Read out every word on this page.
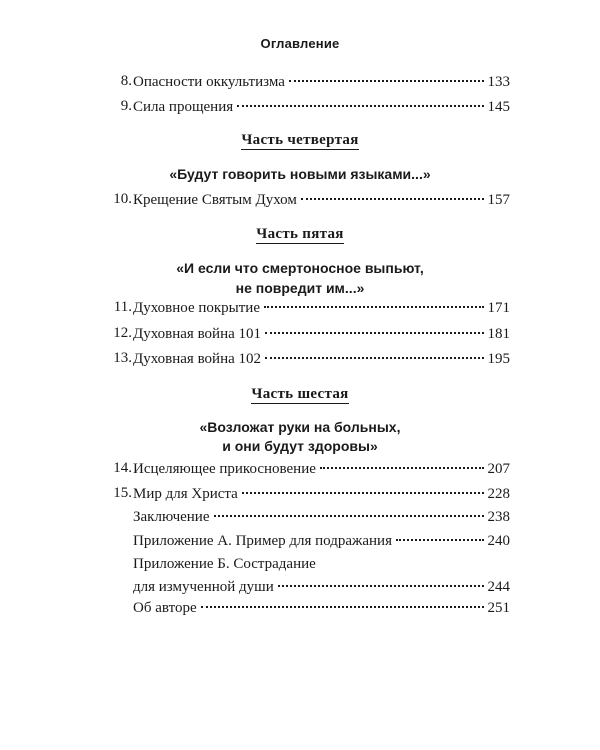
Оглавление
8. Опасности оккультизма	133
9. Сила прощения	145
Часть четвертая
«Будут говорить новыми языками...»
10. Крещение Святым Духом	157
Часть пятая
«И если что смертоносное выпьют,
не повредит им...»
11. Духовное покрытие	171
12. Духовная война 101	181
13. Духовная война 102	195
Часть шестая
«Возложат руки на больных,
и они будут здоровы»
14. Исцеляющее прикосновение	207
15. Мир для Христа	228
Заключение	238
Приложение А. Пример для подражания	240
Приложение Б. Сострадание
для измученной души	244
Об авторе	251
